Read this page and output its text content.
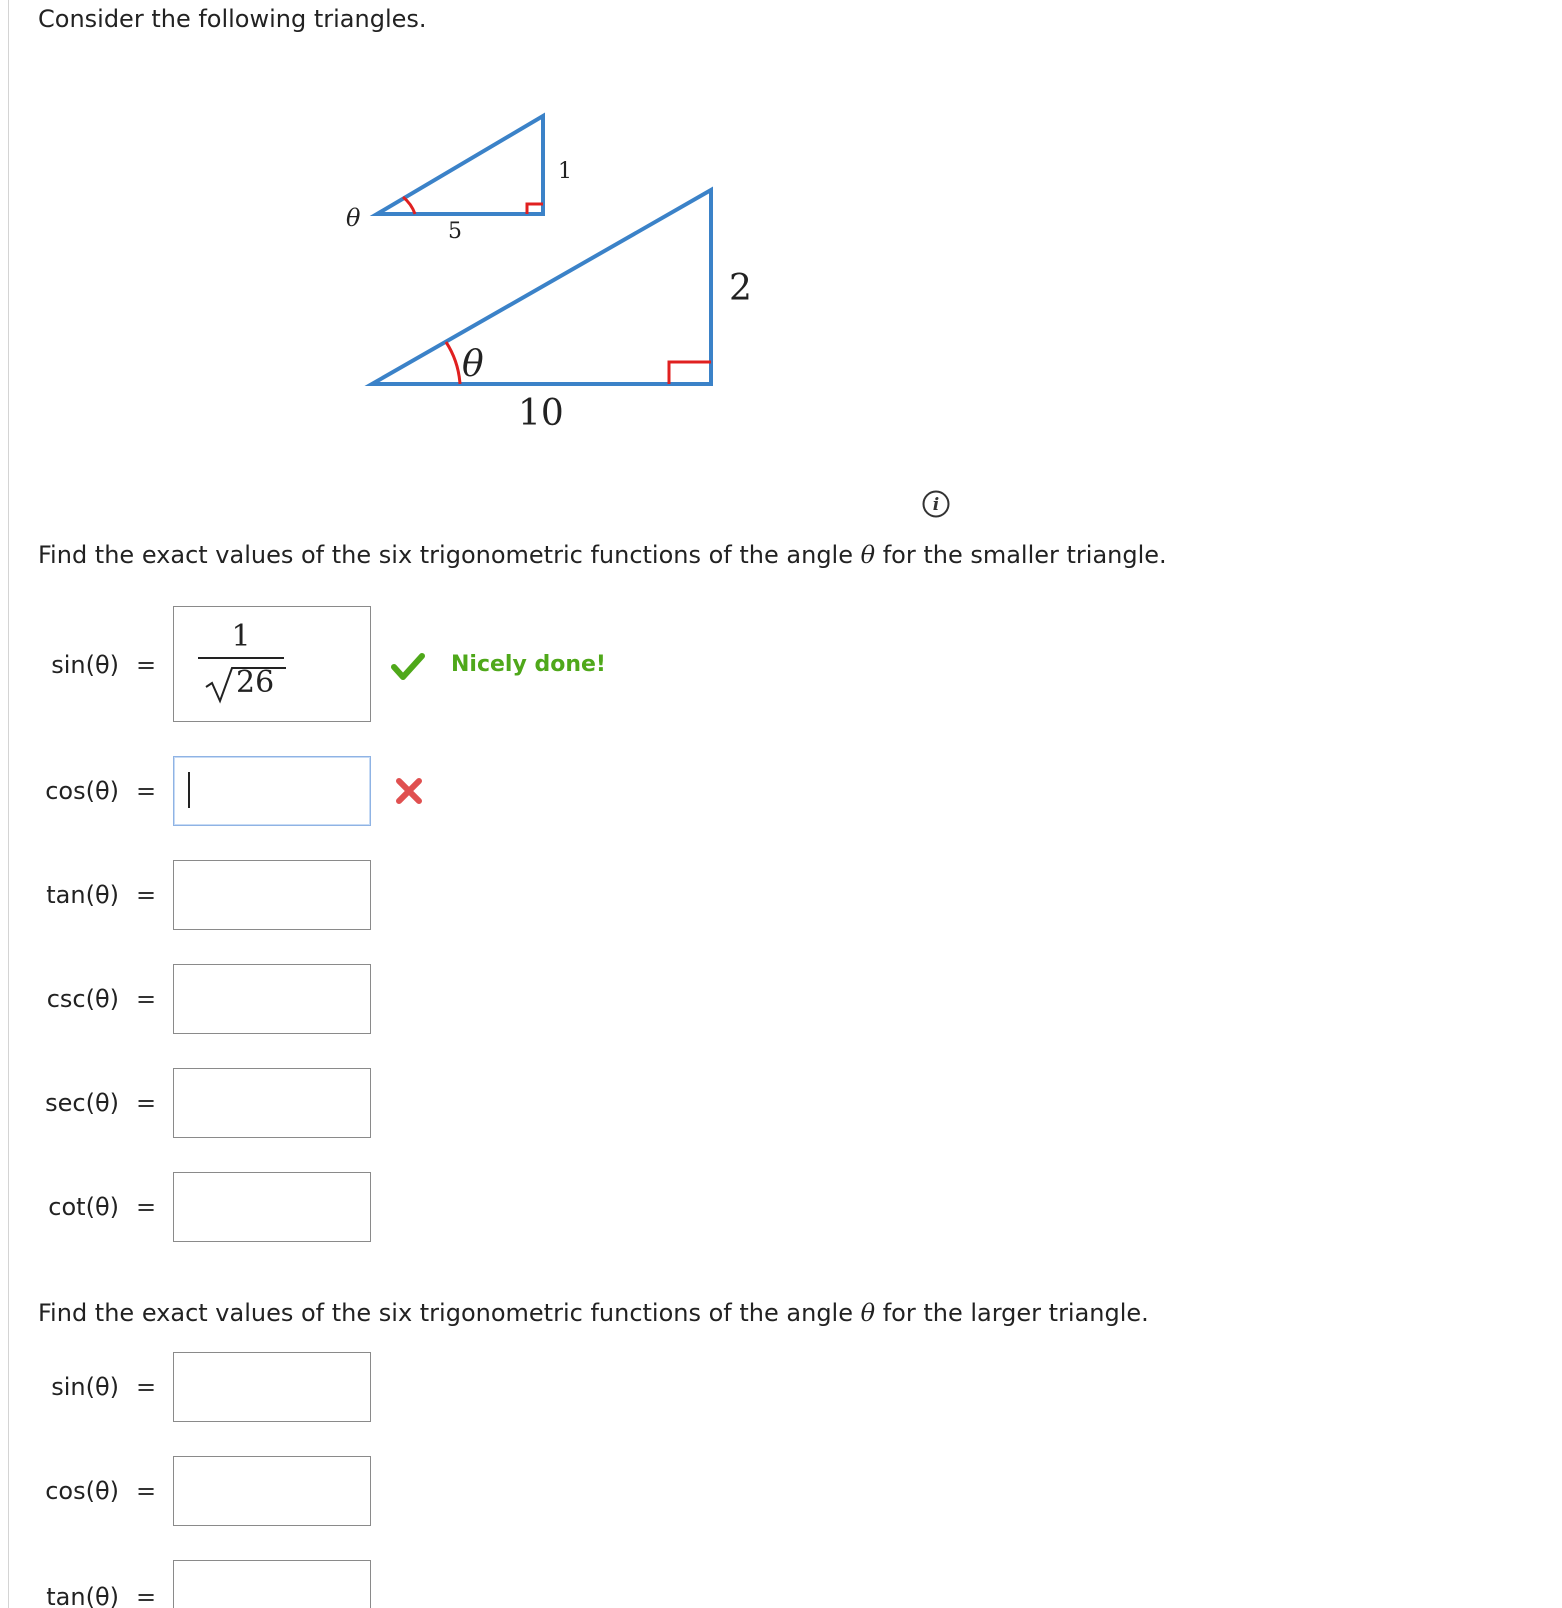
Consider the following triangles.

θ	5
1
θ
10
2
i

Find the exact values of the six trigonometric functions of the angle θ for the smaller triangle.

sin(θ) =
1
26
Nicely done!
cos(θ) =
tan(θ) =
csc(θ) =
sec(θ) =
cot(θ) =

Find the exact values of the six trigonometric functions of the angle θ for the larger triangle.

sin(θ) =
cos(θ) =
tan(θ) =
